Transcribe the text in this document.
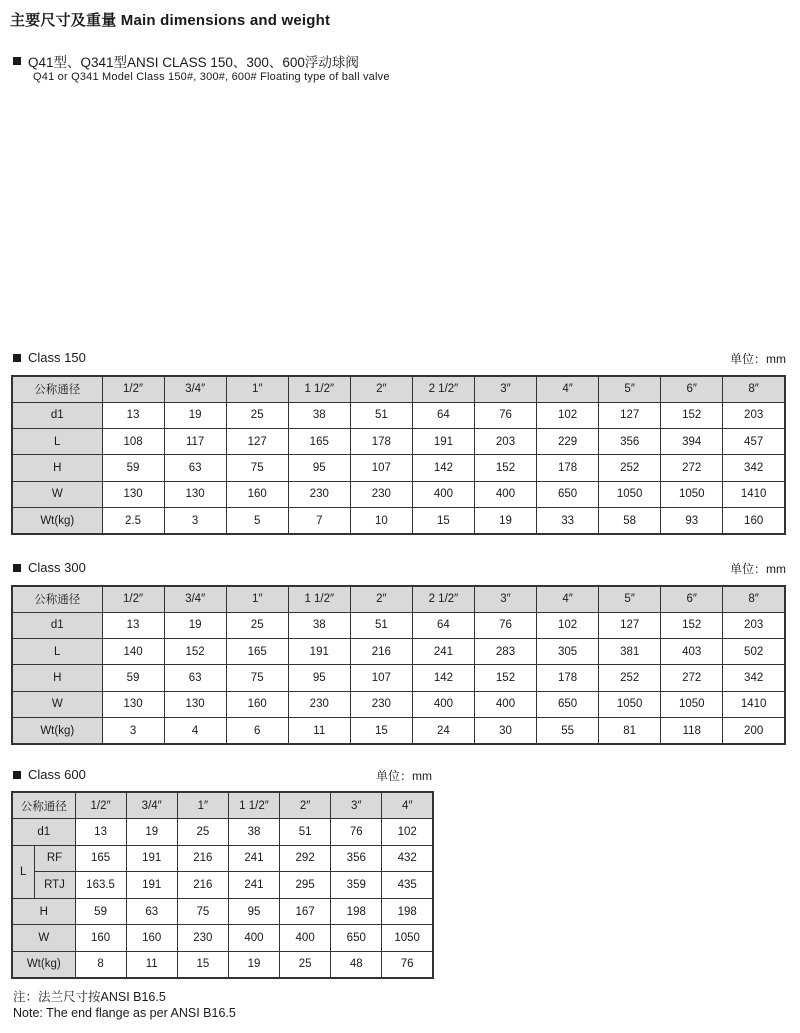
主要尺寸及重量 Main dimensions and weight
Q41型、Q341型ANSI CLASS 150、300、600浮动球阀
Q41 or Q341 Model Class 150#, 300#, 600# Floating type of ball valve
Class 150	单位：mm
公称通径	1/2″	3/4″	1″	1 1/2″	2″	2 1/2″	3″	4″	5″	6″	8″
d1	13	19	25	38	51	64	76	102	127	152	203
L	108	117	127	165	178	191	203	229	356	394	457
H	59	63	75	95	107	142	152	178	252	272	342
W	130	130	160	230	230	400	400	650	1050	1050	1410
Wt(kg)	2.5	3	5	7	10	15	19	33	58	93	160
Class 300	单位：mm
公称通径	1/2″	3/4″	1″	1 1/2″	2″	2 1/2″	3″	4″	5″	6″	8″
d1	13	19	25	38	51	64	76	102	127	152	203
L	140	152	165	191	216	241	283	305	381	403	502
H	59	63	75	95	107	142	152	178	252	272	342
W	130	130	160	230	230	400	400	650	1050	1050	1410
Wt(kg)	3	4	6	11	15	24	30	55	81	118	200
Class 600	单位：mm
公称通径		1/2″	3/4″	1″	1 1/2″	2″	3″	4″
d1		13	19	25	38	51	76	102
L	RF	165	191	216	241	292	356	432
	RTJ	163.5	191	216	241	295	359	435
H		59	63	75	95	167	198	198
W		160	160	230	400	400	650	1050
Wt(kg)		8	11	15	19	25	48	76
注：法兰尺寸按ANSI B16.5
Note: The end flange as per ANSI B16.5
